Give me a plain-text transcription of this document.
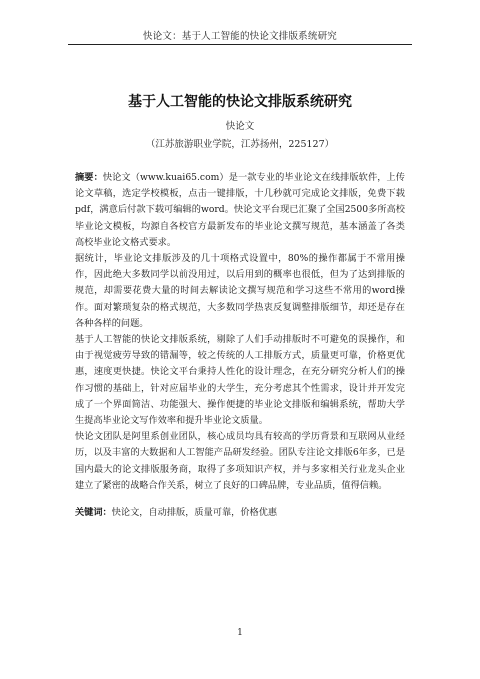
快论文：基于人工智能的快论文排版系统研究
基于人工智能的快论文排版系统研究
快论文
（江苏旅游职业学院，江苏扬州，225127）

摘要：快论文（www.kuai65.com）是一款专业的毕业论文在线排版软件，上传论文草稿，选定学校模板，点击一键排版，十几秒就可完成论文排版，免费下载pdf，满意后付款下载可编辑的word。快论文平台现已汇聚了全国2500多所高校毕业论文模板，均源自各校官方最新发布的毕业论文撰写规范，基本涵盖了各类高校毕业论文格式要求。

据统计，毕业论文排版涉及的几十项格式设置中，80%的操作都属于不常用操作，因此绝大多数同学以前没用过，以后用到的概率也很低，但为了达到排版的规范，却需要花费大量的时间去解读论文撰写规范和学习这些不常用的word操作。面对繁琐复杂的格式规范，大多数同学热衷反复调整排版细节，却还是存在各种各样的问题。

基于人工智能的快论文排版系统，剔除了人们手动排版时不可避免的误操作，和由于视觉疲劳导致的错漏等，较之传统的人工排版方式，质量更可靠，价格更优惠，速度更快捷。快论文平台秉持人性化的设计理念，在充分研究分析人们的操作习惯的基础上，针对应届毕业的大学生，充分考虑其个性需求，设计并开发完成了一个界面简洁、功能强大、操作便捷的毕业论文排版和编辑系统，帮助大学生提高毕业论文写作效率和提升毕业论文质量。

快论文团队是阿里系创业团队，核心成员均具有较高的学历背景和互联网从业经历，以及丰富的大数据和人工智能产品研发经验。团队专注论文排版6年多，已是国内最大的论文排版服务商，取得了多项知识产权，并与多家相关行业龙头企业建立了紧密的战略合作关系，树立了良好的口碑品牌，专业品质，值得信赖。

关键词：快论文，自动排版，质量可靠，价格优惠
1
